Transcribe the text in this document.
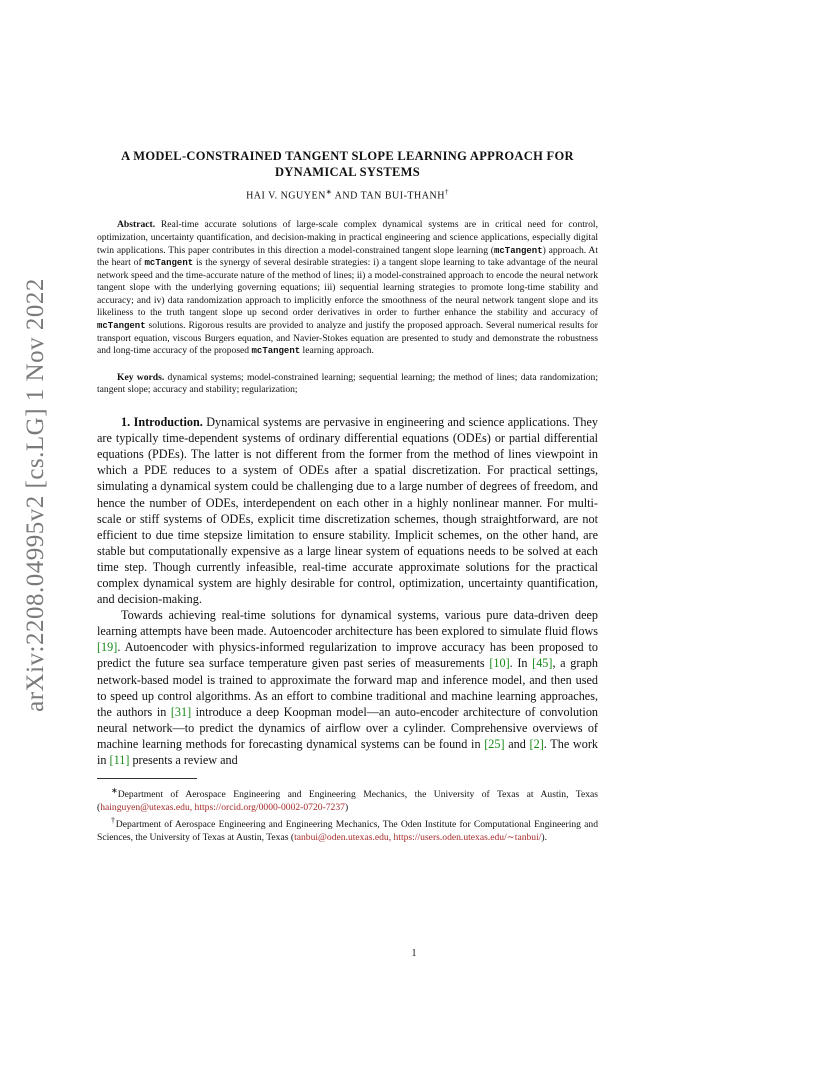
arXiv:2208.04995v2 [cs.LG] 1 Nov 2022
A MODEL-CONSTRAINED TANGENT SLOPE LEARNING APPROACH FOR DYNAMICAL SYSTEMS
HAI V. NGUYEN∗ AND TAN BUI-THANH†
Abstract. Real-time accurate solutions of large-scale complex dynamical systems are in critical need for control, optimization, uncertainty quantification, and decision-making in practical engineering and science applications, especially digital twin applications. This paper contributes in this direction a model-constrained tangent slope learning (mcTangent) approach. At the heart of mcTangent is the synergy of several desirable strategies: i) a tangent slope learning to take advantage of the neural network speed and the time-accurate nature of the method of lines; ii) a model-constrained approach to encode the neural network tangent slope with the underlying governing equations; iii) sequential learning strategies to promote long-time stability and accuracy; and iv) data randomization approach to implicitly enforce the smoothness of the neural network tangent slope and its likeliness to the truth tangent slope up second order derivatives in order to further enhance the stability and accuracy of mcTangent solutions. Rigorous results are provided to analyze and justify the proposed approach. Several numerical results for transport equation, viscous Burgers equation, and Navier-Stokes equation are presented to study and demonstrate the robustness and long-time accuracy of the proposed mcTangent learning approach.
Key words. dynamical systems; model-constrained learning; sequential learning; the method of lines; data randomization; tangent slope; accuracy and stability; regularization;

1. Introduction. Dynamical systems are pervasive in engineering and science applications. They are typically time-dependent systems of ordinary differential equations (ODEs) or partial differential equations (PDEs). The latter is not different from the former from the method of lines viewpoint in which a PDE reduces to a system of ODEs after a spatial discretization. For practical settings, simulating a dynamical system could be challenging due to a large number of degrees of freedom, and hence the number of ODEs, interdependent on each other in a highly nonlinear manner. For multi-scale or stiff systems of ODEs, explicit time discretization schemes, though straightforward, are not efficient to due time stepsize limitation to ensure stability. Implicit schemes, on the other hand, are stable but computationally expensive as a large linear system of equations needs to be solved at each time step. Though currently infeasible, real-time accurate approximate solutions for the practical complex dynamical system are highly desirable for control, optimization, uncertainty quantification, and decision-making.

Towards achieving real-time solutions for dynamical systems, various pure data-driven deep learning attempts have been made. Autoencoder architecture has been explored to simulate fluid flows [19]. Autoencoder with physics-informed regularization to improve accuracy has been proposed to predict the future sea surface temperature given past series of measurements [10]. In [45], a graph network-based model is trained to approximate the forward map and inference model, and then used to speed up control algorithms. As an effort to combine traditional and machine learning approaches, the authors in [31] introduce a deep Koopman model—an auto-encoder architecture of convolution neural network—to predict the dynamics of airflow over a cylinder. Comprehensive overviews of machine learning methods for forecasting dynamical systems can be found in [25] and [2]. The work in [11] presents a review and

∗Department of Aerospace Engineering and Engineering Mechanics, the University of Texas at Austin, Texas (hainguyen@utexas.edu, https://orcid.org/0000-0002-0720-7237)

†Department of Aerospace Engineering and Engineering Mechanics, The Oden Institute for Computational Engineering and Sciences, the University of Texas at Austin, Texas (tanbui@oden.utexas.edu, https://users.oden.utexas.edu/∼tanbui/).

1
